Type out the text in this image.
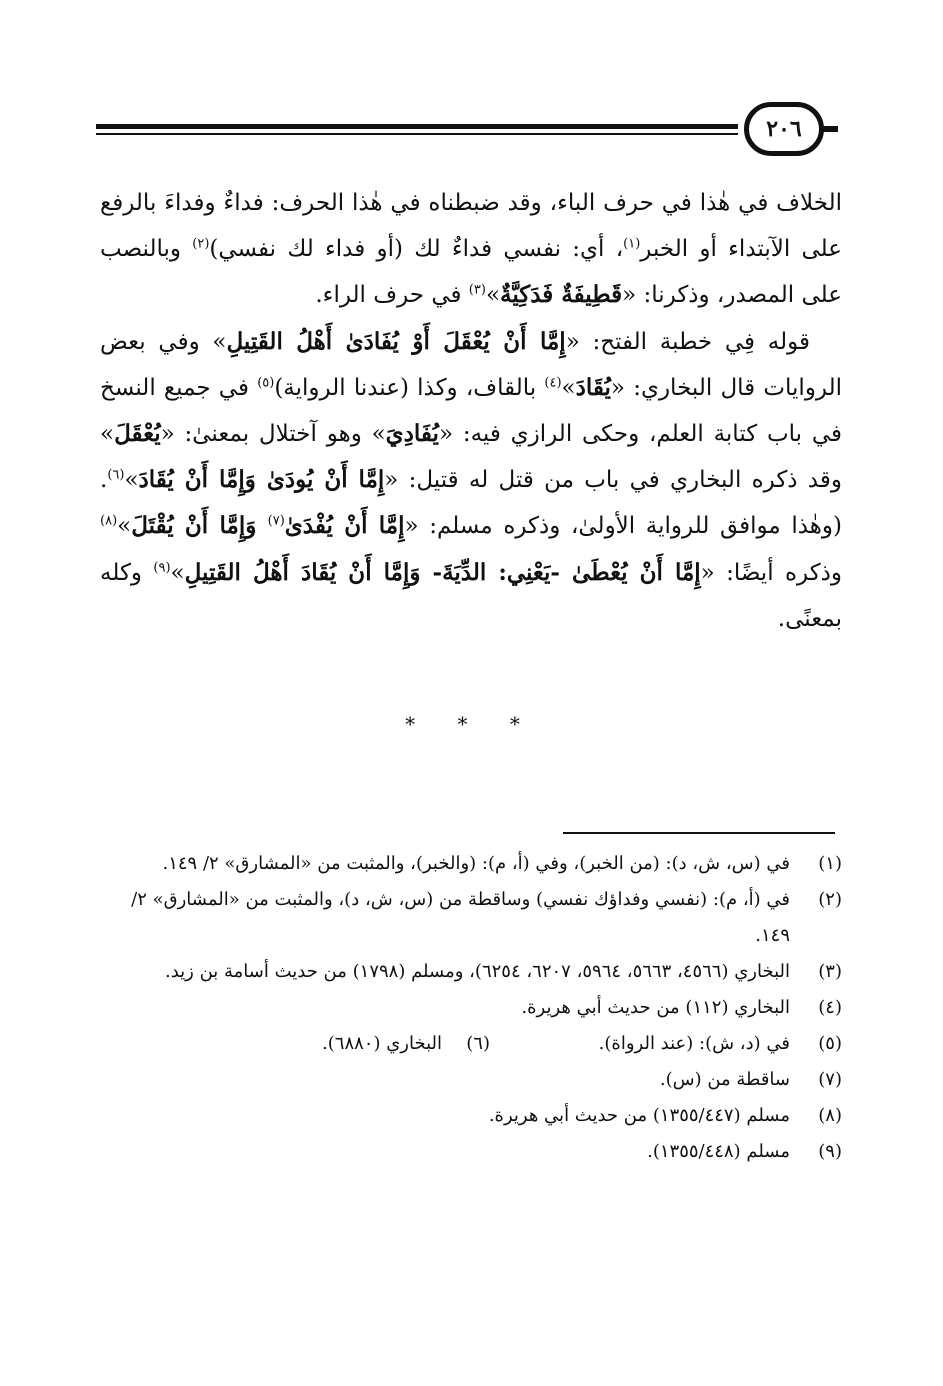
٢٠٦

الخلاف في هٰذا في حرف الباء، وقد ضبطناه في هٰذا الحرف: فداءٌ وفداءَ بالرفع على الآبتداء أو الخبر$^{(١)}$، أي: نفسي فداءٌ لك (أو فداء لك نفسي)$^{(٢)}$ وبالنصب على المصدر، وذكرنا: «قَطِيفَةٌ فَدَكِيَّةٌ»$^{(٣)}$ في حرف الراء.

قوله فِي خطبة الفتح: «إِمَّا أَنْ يُعْقَلَ أَوْ يُفَادَىٰ أَهْلُ القَتِيلِ» وفي بعض الروايات قال البخاري: «يُقَادَ»$^{(٤)}$ بالقاف، وكذا (عندنا الرواية)$^{(٥)}$ في جميع النسخ في باب كتابة العلم، وحكى الرازي فيه: «يُفَادِيَ» وهو آختلال بمعنىٰ: «يُعْقَلَ» وقد ذكره البخاري في باب من قتل له قتيل: «إِمَّا أَنْ يُودَىٰ وَإِمَّا أَنْ يُقَادَ»$^{(٦)}$. (وهٰذا موافق للرواية الأولىٰ، وذكره مسلم: «إِمَّا أَنْ يُفْدَىٰ$^{(٧)}$ وَإِمَّا أَنْ يُقْتَلَ»$^{(٨)}$ وذكره أيضًا: «إِمَّا أَنْ يُعْطَىٰ -يَعْنِي: الدِّيَةَ- وَإِمَّا أَنْ يُقَادَ أَهْلُ القَتِيلِ»$^{(٩)}$ وكله بمعنًى.

* * *
(١)
في (س، ش، د): (من الخبر)، وفي (أ، م): (والخبر)، والمثبت من «المشارق» ٢/ ١٤٩.
(٢)
في (أ، م): (نفسي وفداؤك نفسي) وساقطة من (س، ش، د)، والمثبت من «المشارق» ٢/ ١٤٩.
(٣)
البخاري (٤٥٦٦، ٥٦٦٣، ٥٩٦٤، ٦٢٠٧، ٦٢٥٤)، ومسلم (١٧٩٨) من حديث أسامة بن زيد.
(٤)
البخاري (١١٢) من حديث أبي هريرة.
(٥)
في (د، ش): (عند الرواة).
(٦)
البخاري (٦٨٨٠).
(٧)
ساقطة من (س).
(٨)
مسلم (١٣٥٥/٤٤٧) من حديث أبي هريرة.
(٩)
مسلم (١٣٥٥/٤٤٨).
